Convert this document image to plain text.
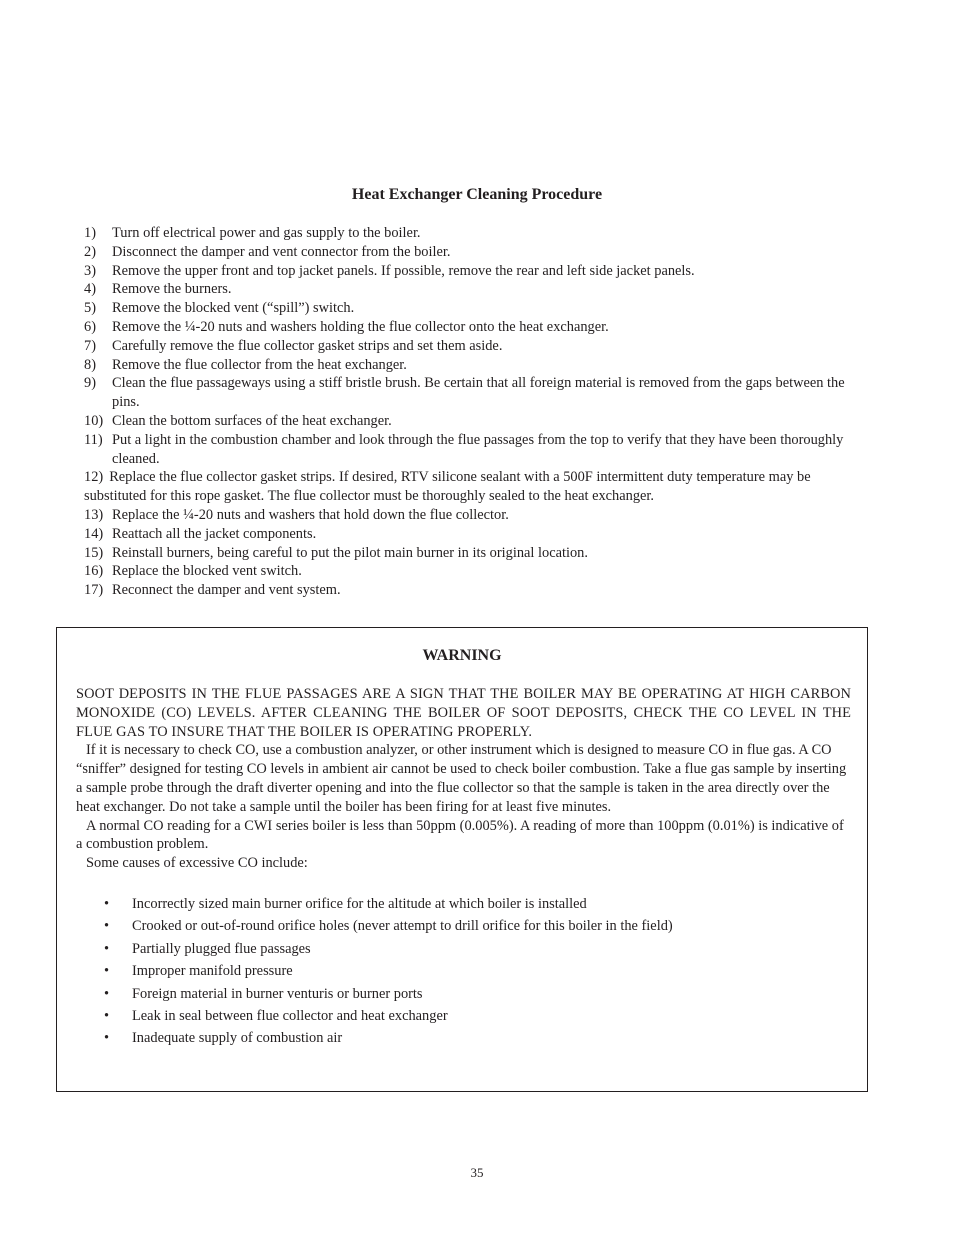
Heat Exchanger Cleaning Procedure
1)	Turn off electrical power and gas supply to the boiler.
2)	Disconnect the damper and vent connector from the boiler.
3)	Remove the upper front and top jacket panels. If possible, remove the rear and left side jacket panels.
4)	Remove the burners.
5)	Remove the blocked vent (“spill”) switch.
6)	Remove the ¼-20 nuts and washers holding the flue collector onto the heat exchanger.
7)	Carefully remove the flue collector gasket strips and set them aside.
8)	Remove the flue collector from the heat exchanger.
9)	Clean the flue passageways using a stiff bristle brush. Be certain that all foreign material is removed from the gaps between the pins.
10) Clean the bottom surfaces of the heat exchanger.
11) Put a light in the combustion chamber and look through the flue passages from the top to verify that they have been thoroughly cleaned.
12) Replace the flue collector gasket strips. If desired, RTV silicone sealant with a 500F intermittent duty temperature may be substituted for this rope gasket. The flue collector must be thoroughly sealed to the heat exchanger.
13) Replace the ¼-20 nuts and washers that hold down the flue collector.
14) Reattach all the jacket components.
15) Reinstall burners, being careful to put the pilot main burner in its original location.
16) Replace the blocked vent switch.
17) Reconnect the damper and vent system.
WARNING
SOOT DEPOSITS IN THE FLUE PASSAGES ARE A SIGN THAT THE BOILER MAY BE OPERATING AT HIGH CARBON MONOXIDE (CO) LEVELS. AFTER CLEANING THE BOILER OF SOOT DEPOSITS, CHECK THE CO LEVEL IN THE FLUE GAS TO INSURE THAT THE BOILER IS OPERATING PROPERLY.
If it is necessary to check CO, use a combustion analyzer, or other instrument which is designed to measure CO in flue gas. A CO “sniffer” designed for testing CO levels in ambient air cannot be used to check boiler combustion. Take a flue gas sample by inserting a sample probe through the draft diverter opening and into the flue collector so that the sample is taken in the area directly over the heat exchanger. Do not take a sample until the boiler has been firing for at least five minutes.
A normal CO reading for a CWI series boiler is less than 50ppm (0.005%). A reading of more than 100ppm (0.01%) is indicative of a combustion problem.
Some causes of excessive CO include:
• Incorrectly sized main burner orifice for the altitude at which boiler is installed
• Crooked or out-of-round orifice holes (never attempt to drill orifice for this boiler in the field)
• Partially plugged flue passages
• Improper manifold pressure
• Foreign material in burner venturis or burner ports
• Leak in seal between flue collector and heat exchanger
• Inadequate supply of combustion air
35
